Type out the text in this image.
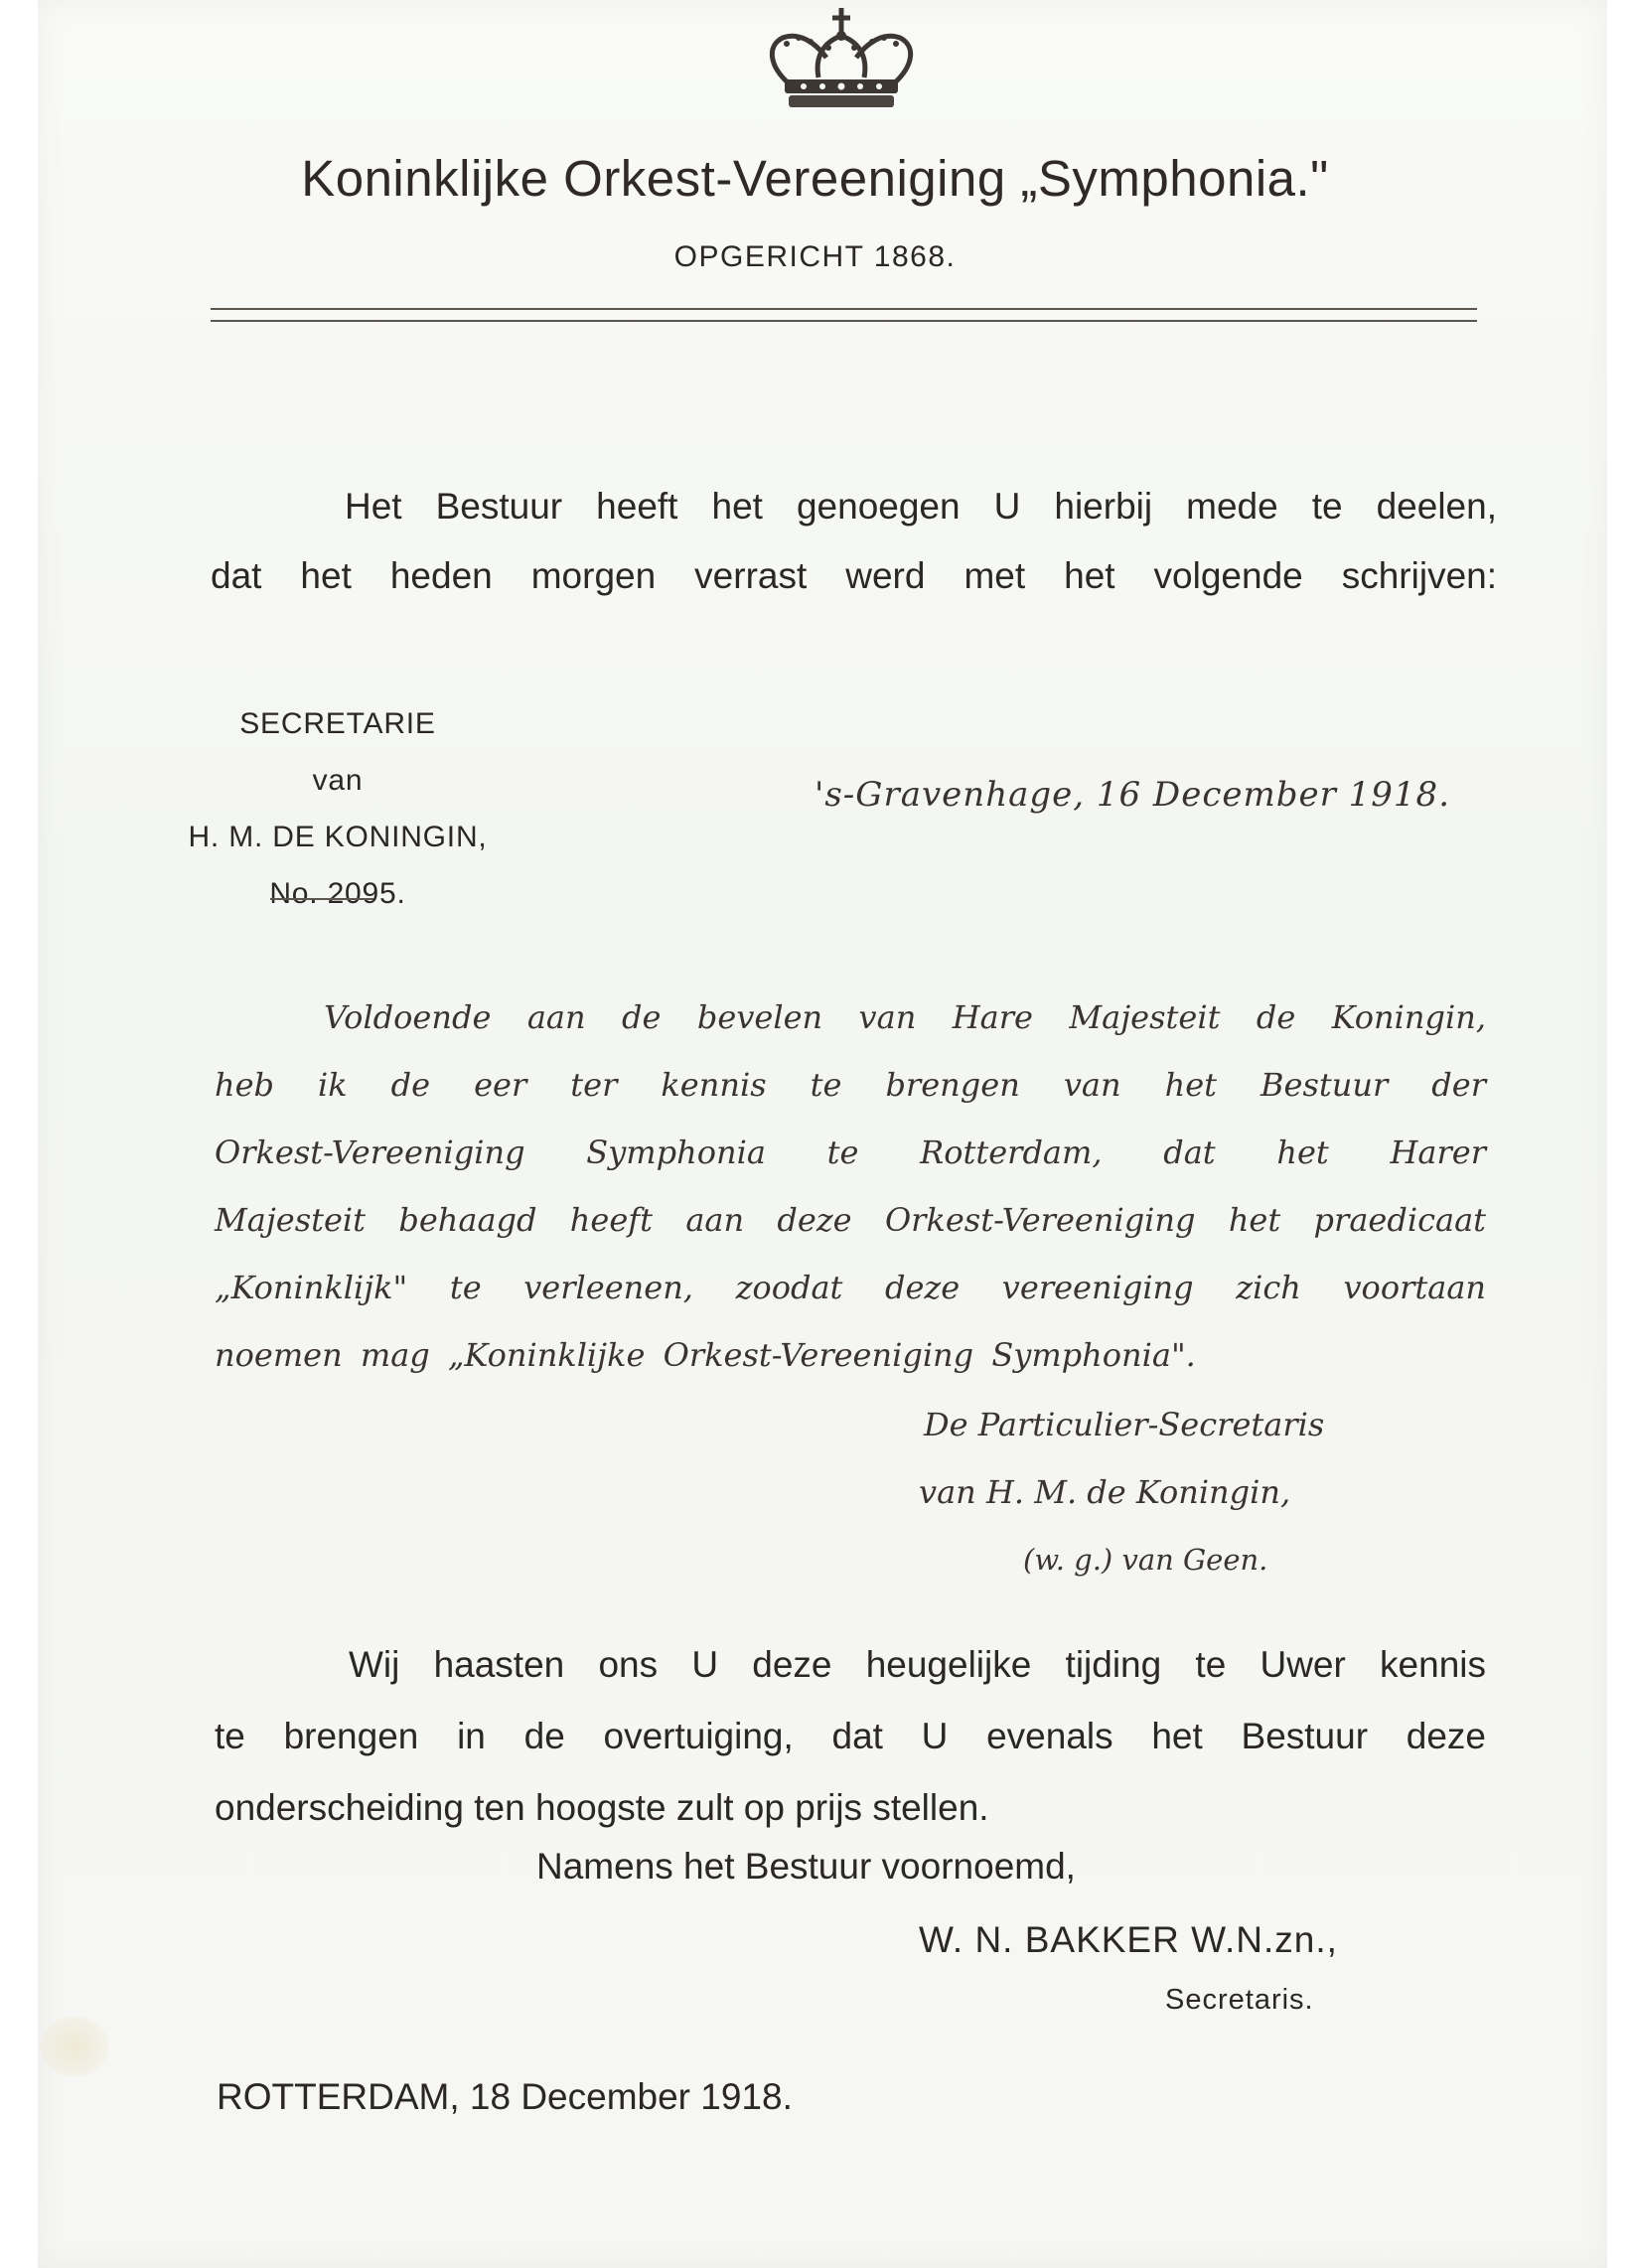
Koninklijke Orkest-Vereeniging „Symphonia."
OPGERICHT 1868.
Het Bestuur heeft het genoegen U hierbij mede te deelen,
dat het heden morgen verrast werd met het volgende schrijven:
SECRETARIE
van
H. M. DE KONINGIN,
No. 2095.
's-Gravenhage, 16 December 1918.
Voldoende aan de bevelen van Hare Majesteit de Koningin,
heb ik de eer ter kennis te brengen van het Bestuur der
Orkest-Vereeniging Symphonia te Rotterdam, dat het Harer
Majesteit behaagd heeft aan deze Orkest-Vereeniging het praedicaat
„Koninklijk" te verleenen, zoodat deze vereeniging zich voortaan
noemen mag „Koninklijke Orkest-Vereeniging Symphonia".
De Particulier-Secretaris
van H. M. de Koningin,
(w. g.) van Geen.
Wij haasten ons U deze heugelijke tijding te Uwer kennis
te brengen in de overtuiging, dat U evenals het Bestuur deze
onderscheiding ten hoogste zult op prijs stellen.
Namens het Bestuur voornoemd,
W. N. BAKKER W.N.zn.,
Secretaris.
ROTTERDAM, 18 December 1918.
